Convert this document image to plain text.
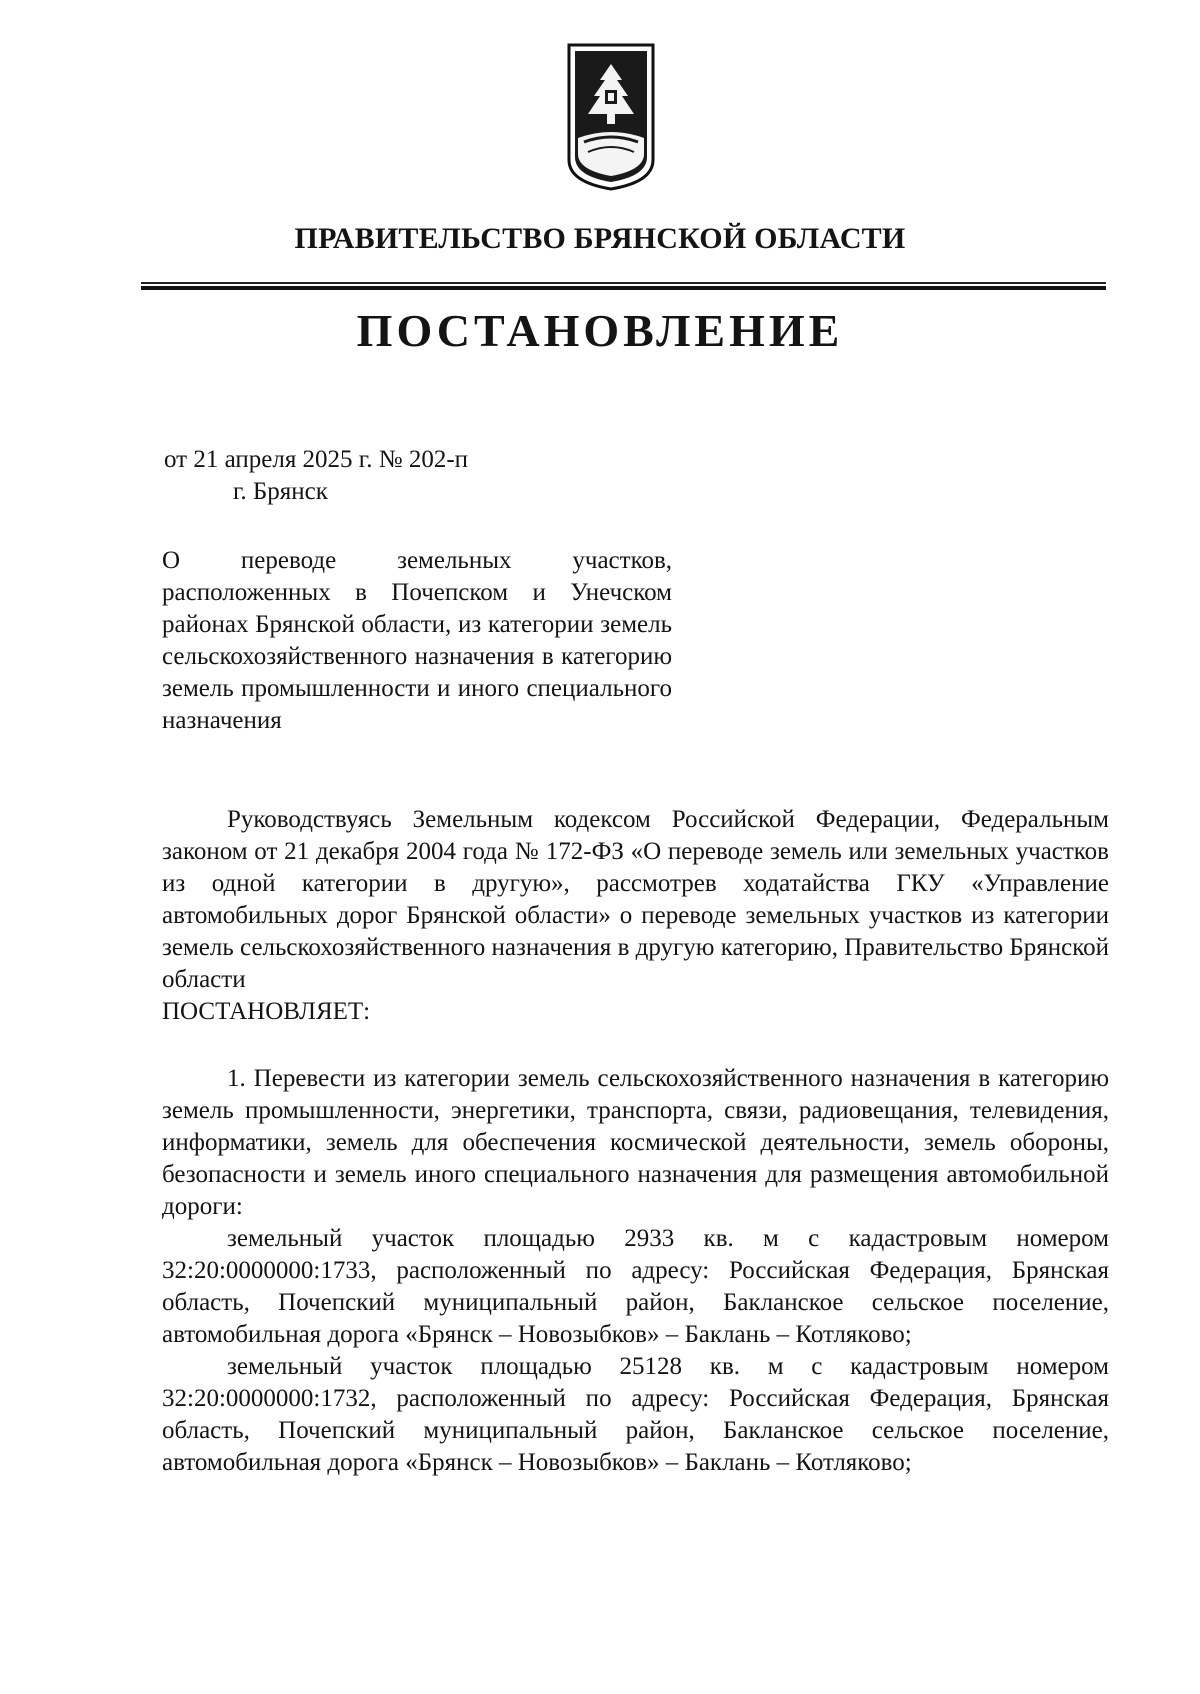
ПРАВИТЕЛЬСТВО БРЯНСКОЙ ОБЛАСТИ
ПОСТАНОВЛЕНИЕ
от 21 апреля 2025 г. № 202-п
г. Брянск
О переводе земельных участков, расположенных в Почепском и Унечском районах Брянской области, из категории земель сельскохозяйственного назначения в категорию земель промышленности и иного специального назначения

Руководствуясь Земельным кодексом Российской Федерации, Федеральным законом от 21 декабря 2004 года № 172-ФЗ «О переводе земель или земельных участков из одной категории в другую», рассмотрев ходатайства ГКУ «Управление автомобильных дорог Брянской области» о переводе земельных участков из категории земель сельскохозяйственного назначения в другую категорию, Правительство Брянской области

ПОСТАНОВЛЯЕТ:

1. Перевести из категории земель сельскохозяйственного назначения в категорию земель промышленности, энергетики, транспорта, связи, радиовещания, телевидения, информатики, земель для обеспечения космической деятельности, земель обороны, безопасности и земель иного специального назначения для размещения автомобильной дороги:

земельный участок площадью 2933 кв. м с кадастровым номером 32:20:0000000:1733, расположенный по адресу: Российская Федерация, Брянская область, Почепский муниципальный район, Бакланское сельское поселение, автомобильная дорога «Брянск – Новозыбков» – Баклань – Котляково;

земельный участок площадью 25128 кв. м с кадастровым номером 32:20:0000000:1732, расположенный по адресу: Российская Федерация, Брянская область, Почепский муниципальный район, Бакланское сельское поселение, автомобильная дорога «Брянск – Новозыбков» – Баклань – Котляково;
